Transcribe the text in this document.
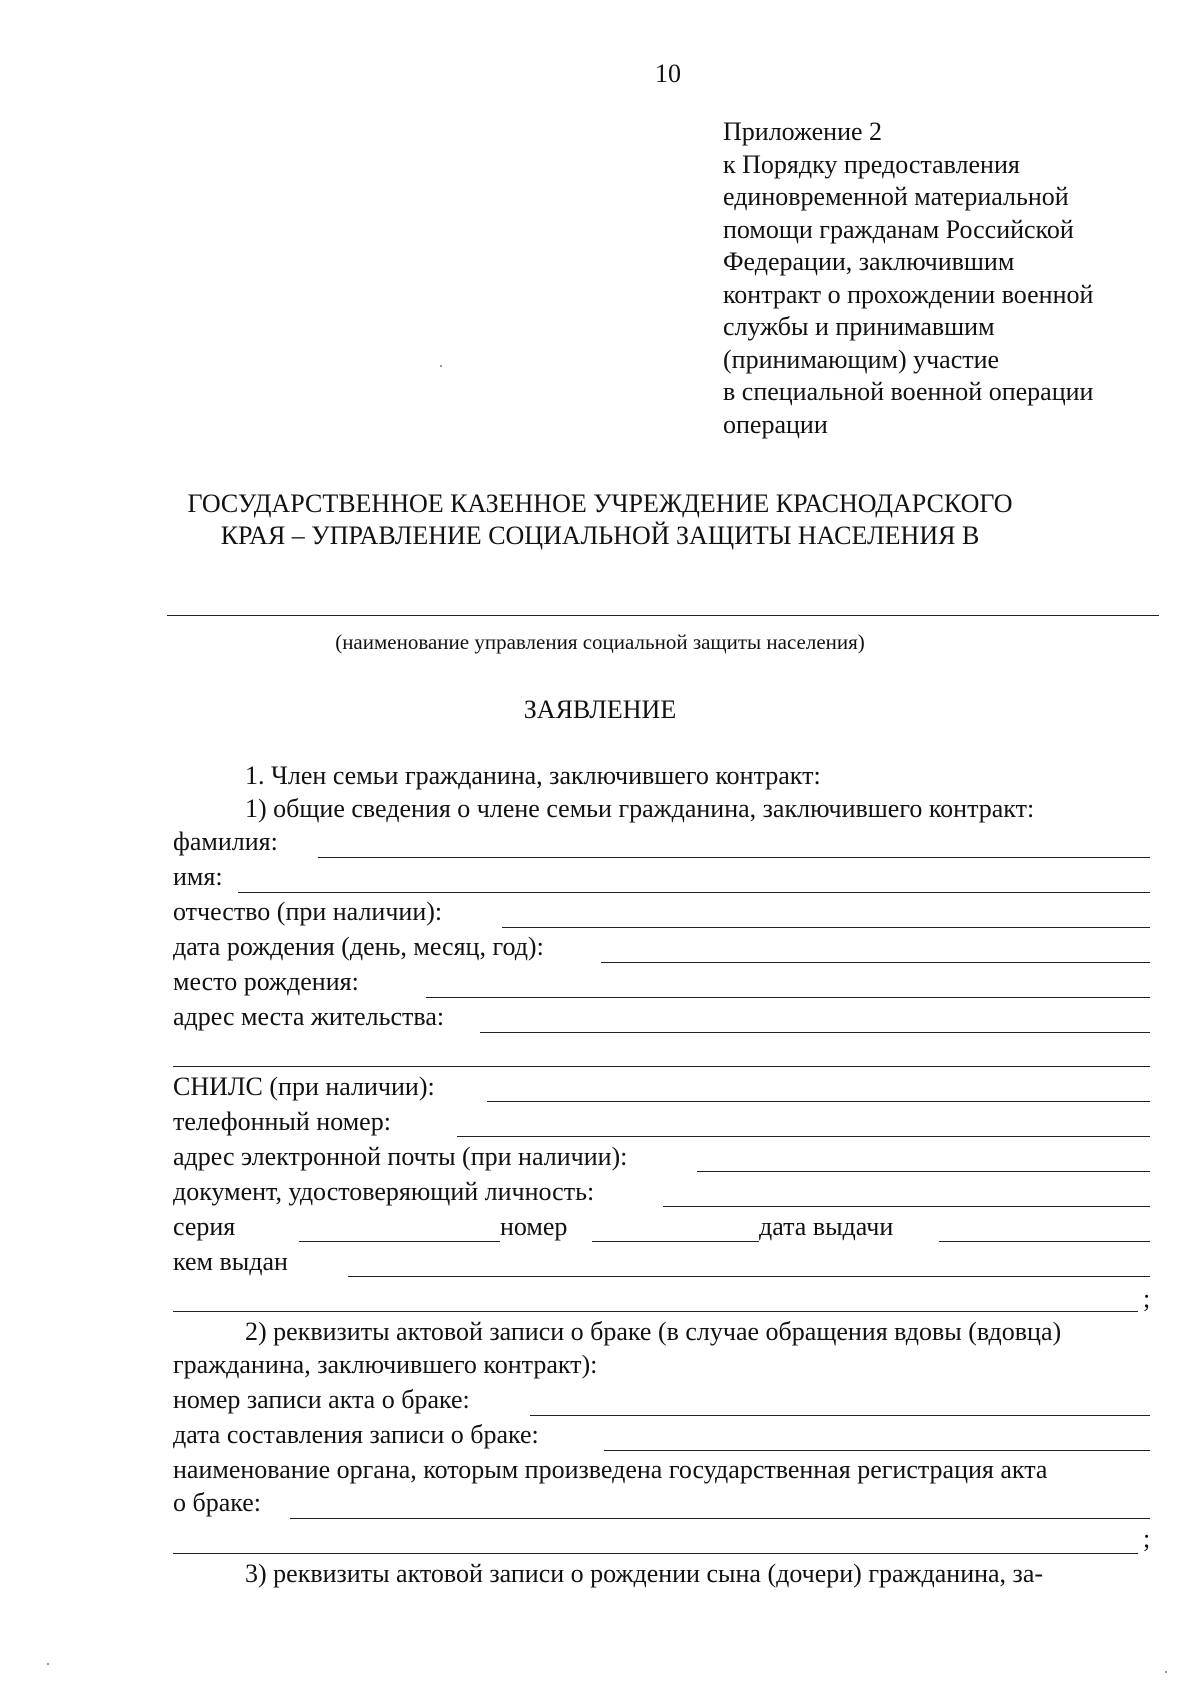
10
Приложение 2
к Порядку предоставления
единовременной материальной
помощи гражданам Российской
Федерации, заключившим
контракт о прохождении военной
службы и принимавшим
(принимающим) участие
в специальной военной операции
операции
ГОСУДАРСТВЕННОЕ КАЗЕННОЕ УЧРЕЖДЕНИЕ КРАСНОДАРСКОГО
КРАЯ – УПРАВЛЕНИЕ СОЦИАЛЬНОЙ ЗАЩИТЫ НАСЕЛЕНИЯ В
(наименование управления социальной защиты населения)
ЗАЯВЛЕНИЕ
1. Член семьи гражданина, заключившего контракт:
1) общие сведения о члене семьи гражданина, заключившего контракт:
фамилия:
имя:
отчество (при наличии):
дата рождения (день, месяц, год):
место рождения:
адрес места жительства:
СНИЛС (при наличии):
телефонный номер:
адрес электронной почты (при наличии):
документ, удостоверяющий личность:
серия	номер	дата выдачи
кем выдан
;
2) реквизиты актовой записи о браке (в случае обращения вдовы (вдовца)
гражданина, заключившего контракт):
номер записи акта о браке:
дата составления записи о браке:
наименование органа, которым произведена государственная регистрация акта
о браке:
;
3) реквизиты актовой записи о рождении сына (дочери) гражданина, за-
